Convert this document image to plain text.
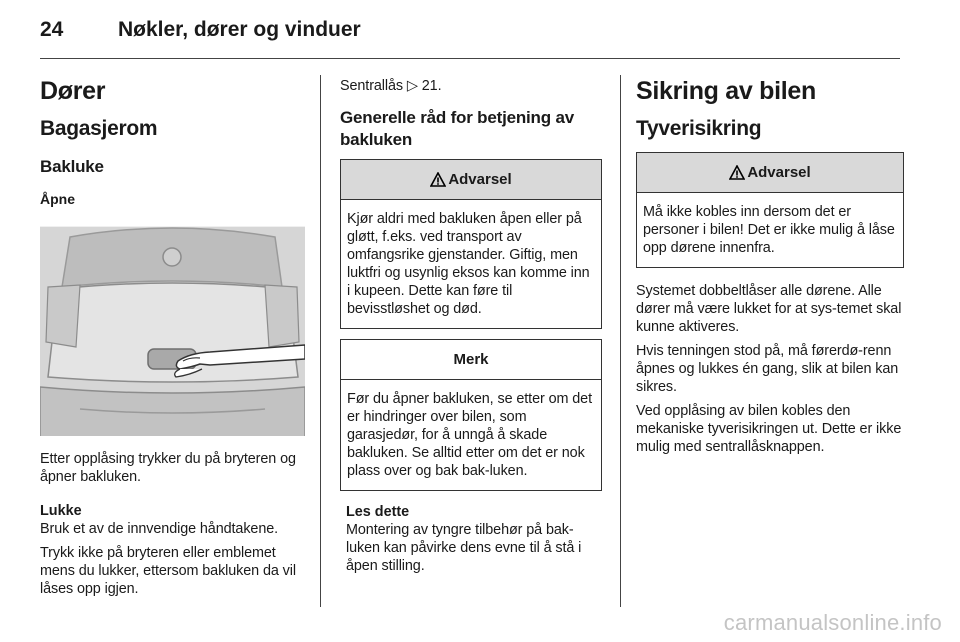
24	Nøkler, dører og vinduer
Dører
Bagasjerom
Bakluke
Åpne
Etter opplåsing trykker du på bryteren og åpner bakluken.
Lukke
Bruk et av de innvendige håndtakene.
Trykk ikke på bryteren eller emblemet mens du lukker, ettersom bakluken da vil låses opp igjen.
Sentrallås ▷ 21.
Generelle råd for betjening av bakluken
Advarsel
Kjør aldri med bakluken åpen eller på gløtt, f.eks. ved transport av omfangsrike gjenstander. Giftig, men luktfri og usynlig eksos kan komme inn i kupeen. Dette kan føre til bevisstløshet og død.
Merk
Før du åpner bakluken, se etter om det er hindringer over bilen, som garasjedør, for å unngå å skade bakluken. Se alltid etter om det er nok plass over og bak bak-luken.
Les dette
Montering av tyngre tilbehør på bak-luken kan påvirke dens evne til å stå i åpen stilling.
Sikring av bilen
Tyverisikring
Advarsel
Må ikke kobles inn dersom det er personer i bilen! Det er ikke mulig å låse opp dørene innenfra.
Systemet dobbeltlåser alle dørene. Alle dører må være lukket for at sys-temet skal kunne aktiveres.
Hvis tenningen stod på, må førerdø-renn åpnes og lukkes én gang, slik at bilen kan sikres.
Ved opplåsing av bilen kobles den mekaniske tyverisikringen ut. Dette er ikke mulig med sentrallåsknappen.
carmanualsonline.info
